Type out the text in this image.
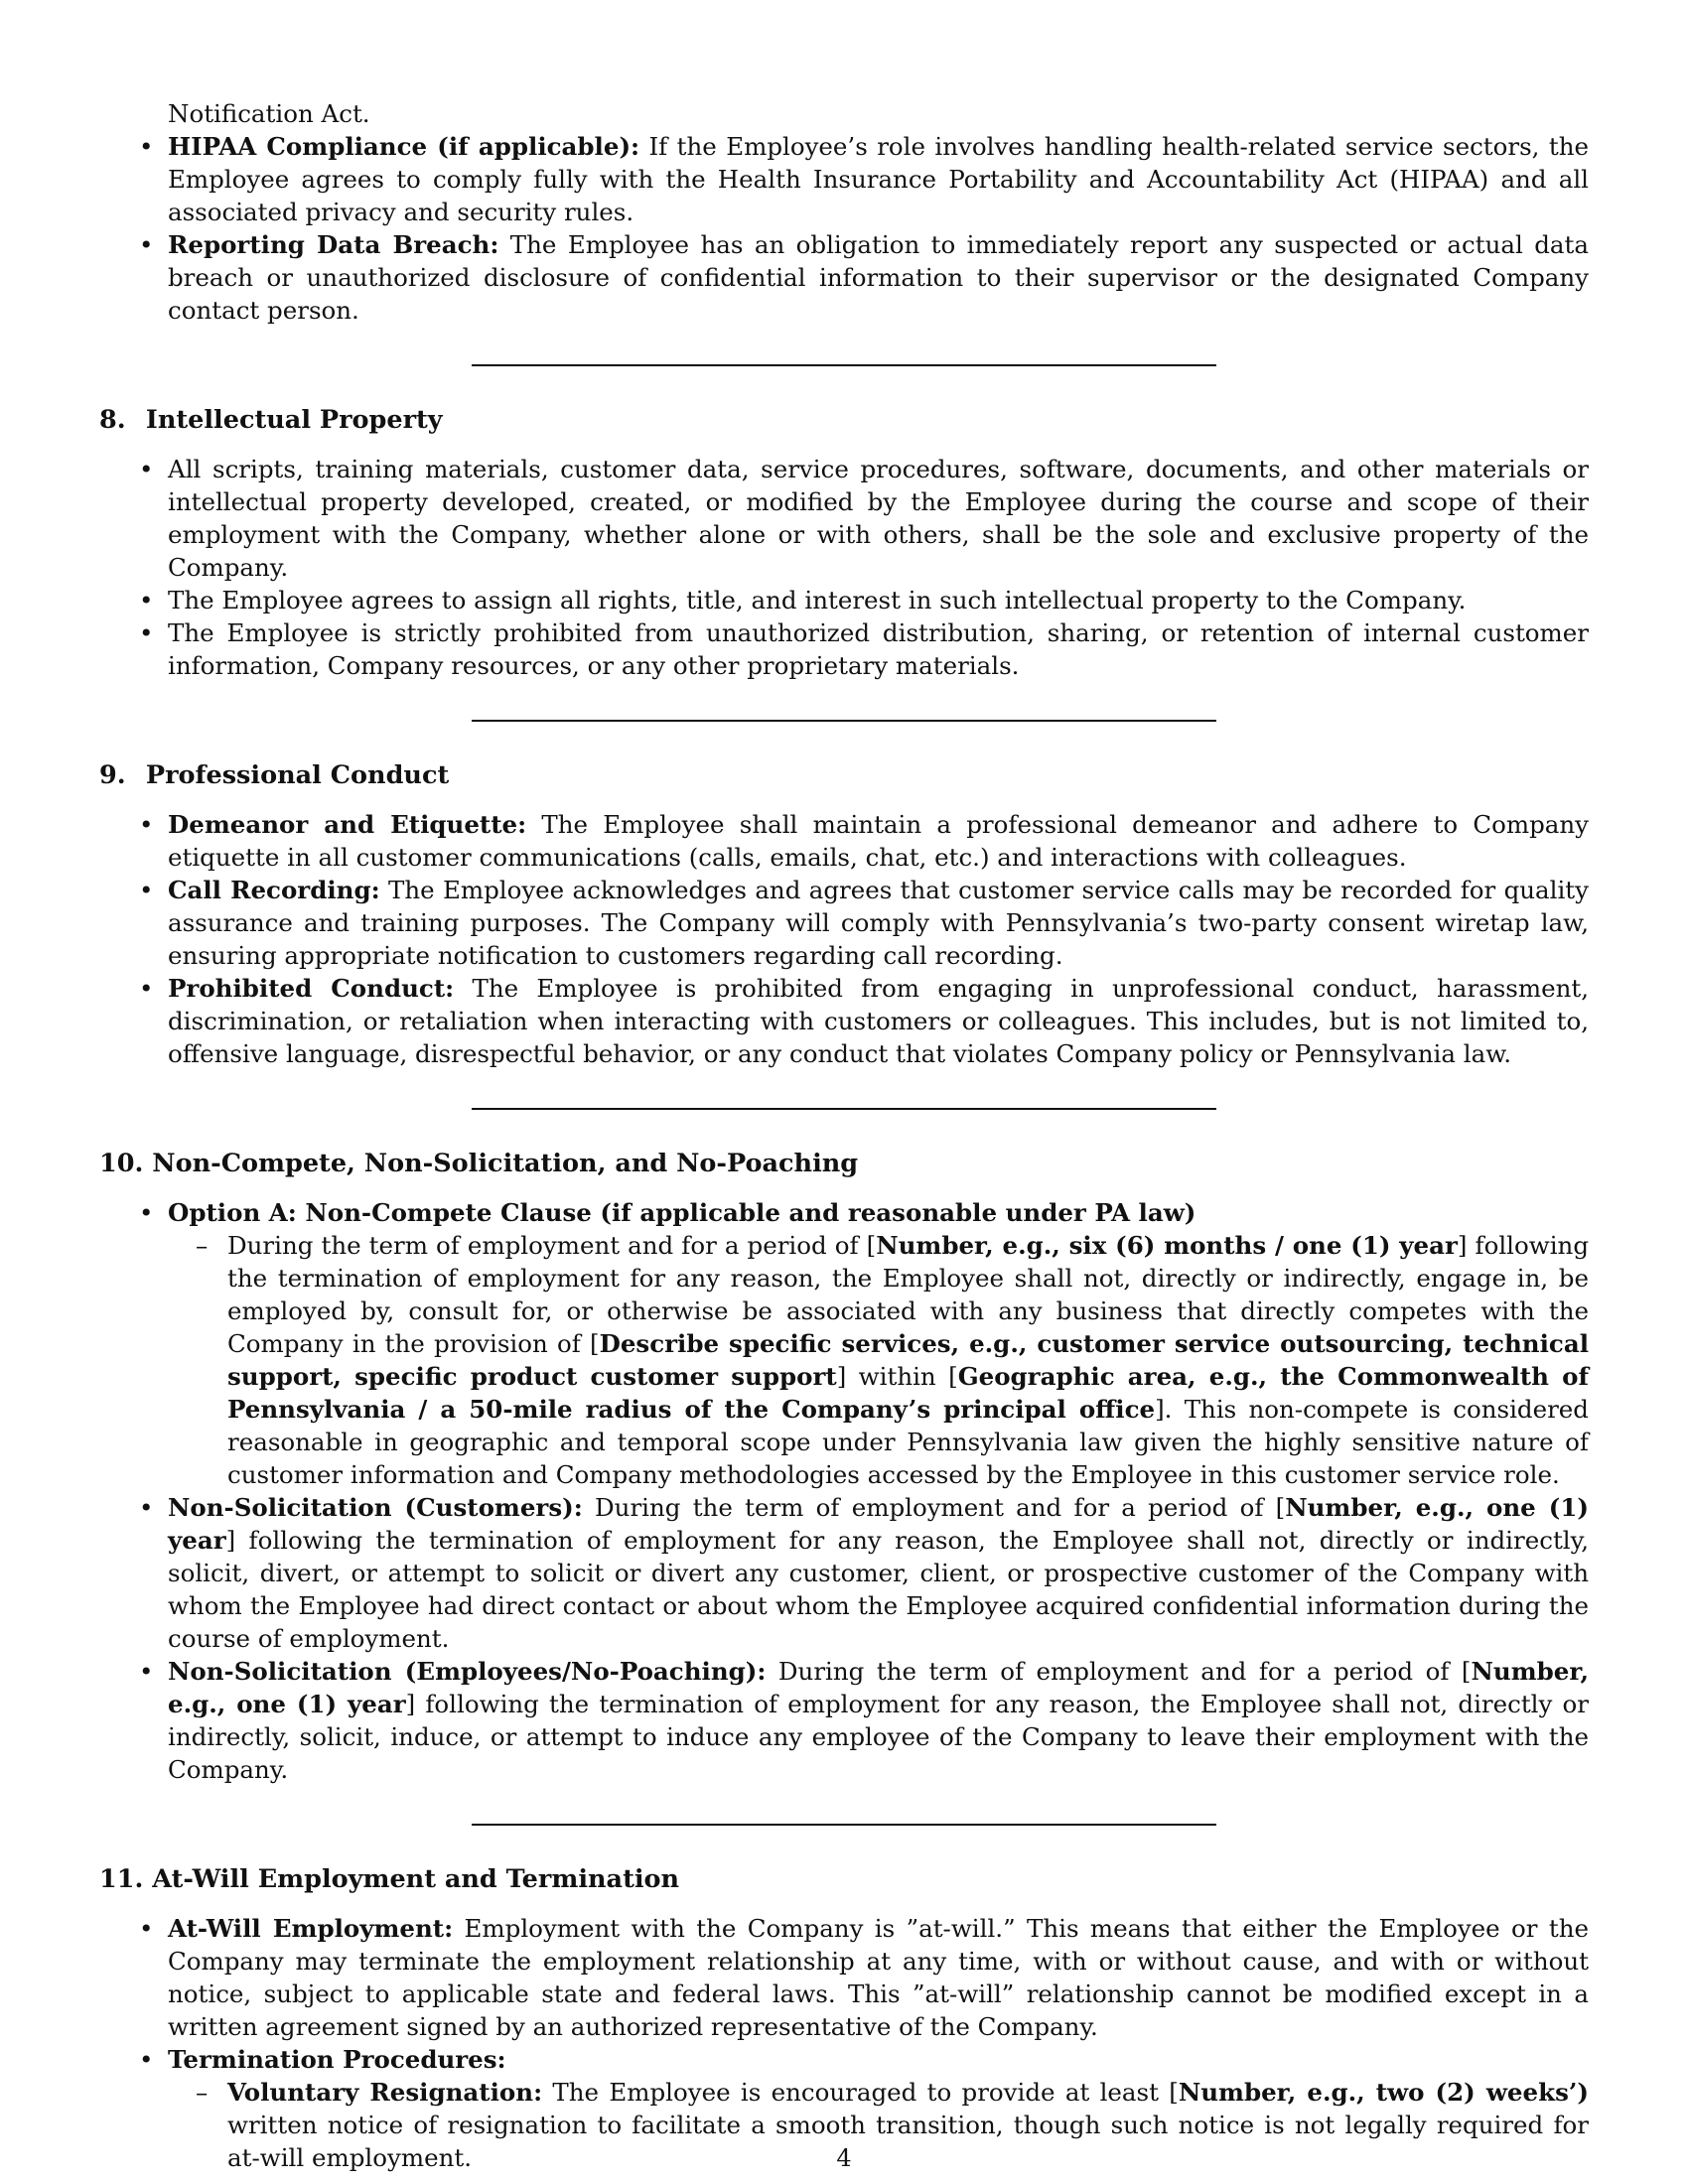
Notification Act.
• HIPAA Compliance (if applicable): If the Employee’s role involves handling health-related service sectors, the Employee agrees to comply fully with the Health Insurance Portability and Accountability Act (HIPAA) and all associated privacy and security rules.
• Reporting Data Breach: The Employee has an obligation to immediately report any suspected or actual data breach or unauthorized disclosure of confidential information to their supervisor or the designated Company contact person.
8. Intellectual Property
• All scripts, training materials, customer data, service procedures, software, documents, and other materials or intellectual property developed, created, or modified by the Employee during the course and scope of their employment with the Company, whether alone or with others, shall be the sole and exclusive property of the Company.
• The Employee agrees to assign all rights, title, and interest in such intellectual property to the Company.
• The Employee is strictly prohibited from unauthorized distribution, sharing, or retention of internal customer information, Company resources, or any other proprietary materials.
9. Professional Conduct
• Demeanor and Etiquette: The Employee shall maintain a professional demeanor and adhere to Company etiquette in all customer communications (calls, emails, chat, etc.) and interactions with colleagues.
• Call Recording: The Employee acknowledges and agrees that customer service calls may be recorded for quality assurance and training purposes. The Company will comply with Pennsylvania’s two-party consent wiretap law, ensuring appropriate notification to customers regarding call recording.
• Prohibited Conduct: The Employee is prohibited from engaging in unprofessional conduct, harassment, discrimination, or retaliation when interacting with customers or colleagues. This includes, but is not limited to, offensive language, disrespectful behavior, or any conduct that violates Company policy or Pennsylvania law.
10. Non-Compete, Non-Solicitation, and No-Poaching
• Option A: Non-Compete Clause (if applicable and reasonable under PA law)
– During the term of employment and for a period of [Number, e.g., six (6) months / one (1) year] following the termination of employment for any reason, the Employee shall not, directly or indirectly, engage in, be employed by, consult for, or otherwise be associated with any business that directly competes with the Company in the provision of [Describe specific services, e.g., customer service outsourcing, technical support, specific product customer support] within [Geographic area, e.g., the Commonwealth of Pennsylvania / a 50-mile radius of the Company’s principal office]. This non-compete is considered reasonable in geographic and temporal scope under Pennsylvania law given the highly sensitive nature of customer information and Company methodologies accessed by the Employee in this customer service role.
• Non-Solicitation (Customers): During the term of employment and for a period of [Number, e.g., one (1) year] following the termination of employment for any reason, the Employee shall not, directly or indirectly, solicit, divert, or attempt to solicit or divert any customer, client, or prospective customer of the Company with whom the Employee had direct contact or about whom the Employee acquired confidential information during the course of employment.
• Non-Solicitation (Employees/No-Poaching): During the term of employment and for a period of [Number, e.g., one (1) year] following the termination of employment for any reason, the Employee shall not, directly or indirectly, solicit, induce, or attempt to induce any employee of the Company to leave their employment with the Company.
11. At-Will Employment and Termination
• At-Will Employment: Employment with the Company is ”at-will.” This means that either the Employee or the Company may terminate the employment relationship at any time, with or without cause, and with or without notice, subject to applicable state and federal laws. This ”at-will” relationship cannot be modified except in a written agreement signed by an authorized representative of the Company.
• Termination Procedures:
– Voluntary Resignation: The Employee is encouraged to provide at least [Number, e.g., two (2) weeks’) written notice of resignation to facilitate a smooth transition, though such notice is not legally required for at-will employment.	4
